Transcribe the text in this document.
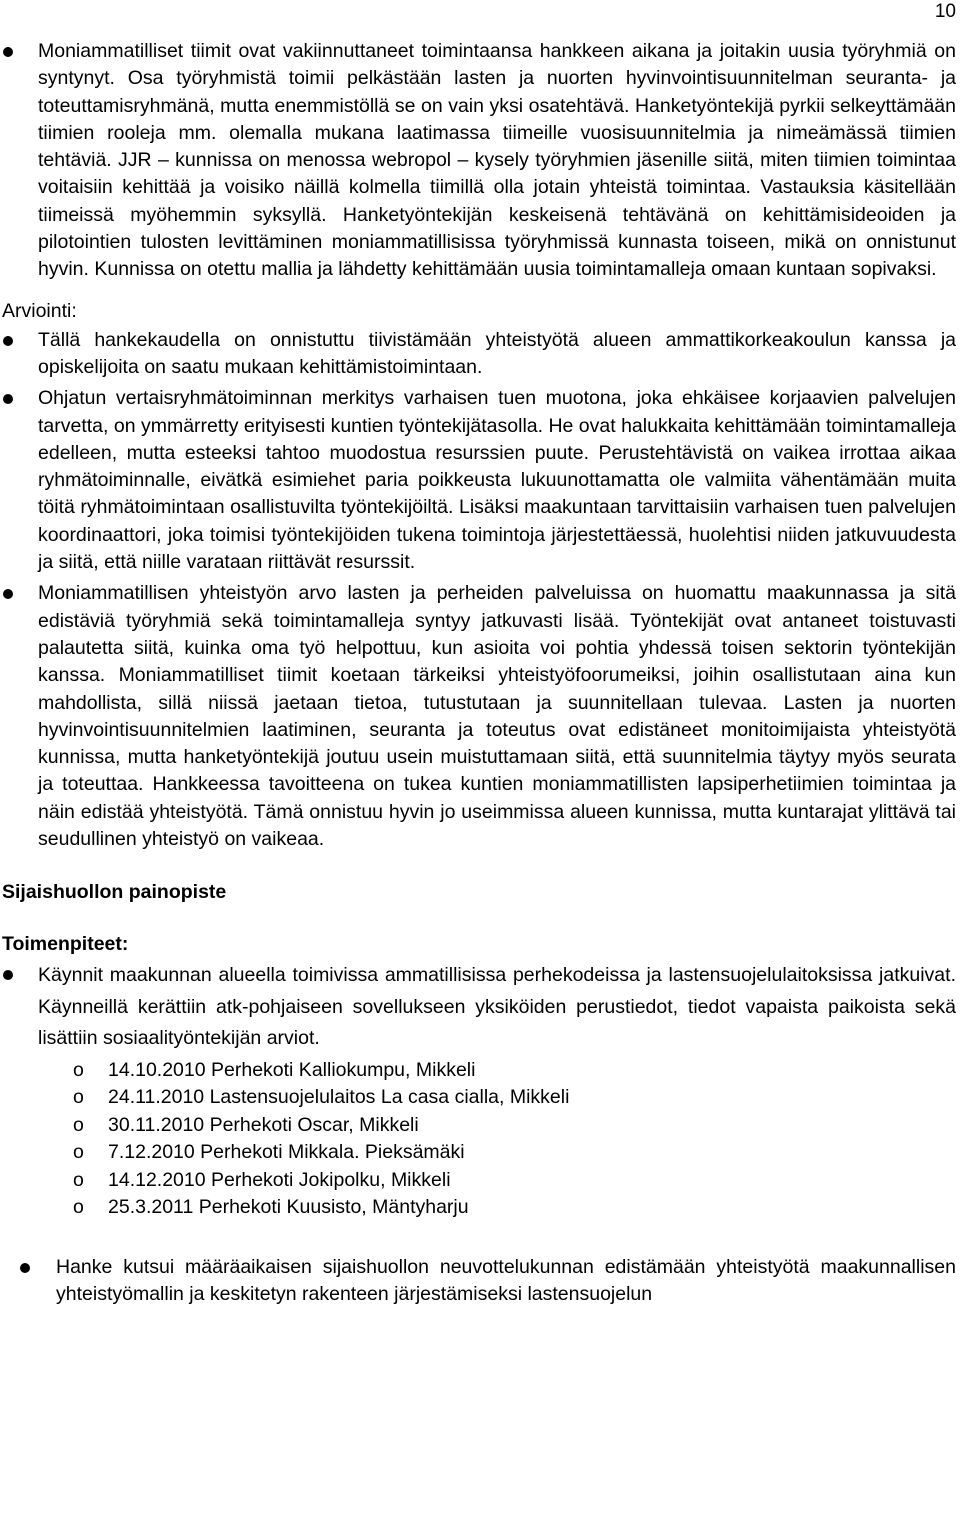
10
Moniammatilliset tiimit ovat vakiinnuttaneet toimintaansa hankkeen aikana ja joitakin uusia työryhmiä on syntynyt. Osa työryhmistä toimii pelkästään lasten ja nuorten hyvinvointisuunnitelman seuranta- ja toteuttamisryhmänä, mutta enemmistöllä se on vain yksi osatehtävä. Hanketyöntekijä pyrkii selkeyttämään tiimien rooleja mm. olemalla mukana laatimassa tiimeille vuosisuunnitelmia ja nimeämässä tiimien tehtäviä. JJR – kunnissa on menossa webropol – kysely työryhmien jäsenille siitä, miten tiimien toimintaa voitaisiin kehittää ja voisiko näillä kolmella tiimillä olla jotain yhteistä toimintaa. Vastauksia käsitellään tiimeissä myöhemmin syksyllä. Hanketyöntekijän keskeisenä tehtävänä on kehittämisideoiden ja pilotointien tulosten levittäminen moniammatillisissa työryhmissä kunnasta toiseen, mikä on onnistunut hyvin. Kunnissa on otettu mallia ja lähdetty kehittämään uusia toimintamalleja omaan kuntaan sopivaksi.
Arviointi:
Tällä hankekaudella on onnistuttu tiivistämään yhteistyötä alueen ammattikorkeakoulun kanssa ja opiskelijoita on saatu mukaan kehittämistoimintaan.
Ohjatun vertaisryhmätoiminnan merkitys varhaisen tuen muotona, joka ehkäisee korjaavien palvelujen tarvetta, on ymmärretty erityisesti kuntien työntekijätasolla. He ovat halukkaita kehittämään toimintamalleja edelleen, mutta esteeksi tahtoo muodostua resurssien puute. Perustehtävistä on vaikea irrottaa aikaa ryhmätoiminnalle, eivätkä esimiehet paria poikkeusta lukuunottamatta ole valmiita vähentämään muita töitä ryhmätoimintaan osallistuvilta työntekijöiltä. Lisäksi maakuntaan tarvittaisiin varhaisen tuen palvelujen koordinaattori, joka toimisi työntekijöiden tukena toimintoja järjestettäessä, huolehtisi niiden jatkuvuudesta ja siitä, että niille varataan riittävät resurssit.
Moniammatillisen yhteistyön arvo lasten ja perheiden palveluissa on huomattu maakunnassa ja sitä edistäviä työryhmiä sekä toimintamalleja syntyy jatkuvasti lisää. Työntekijät ovat antaneet toistuvasti palautetta siitä, kuinka oma työ helpottuu, kun asioita voi pohtia yhdessä toisen sektorin työntekijän kanssa. Moniammatilliset tiimit koetaan tärkeiksi yhteistyöfoorumeiksi, joihin osallistutaan aina kun mahdollista, sillä niissä jaetaan tietoa, tutustutaan ja suunnitellaan tulevaa. Lasten ja nuorten hyvinvointisuunnitelmien laatiminen, seuranta ja toteutus ovat edistäneet monitoimijaista yhteistyötä kunnissa, mutta hanketyöntekijä joutuu usein muistuttamaan siitä, että suunnitelmia täytyy myös seurata ja toteuttaa. Hankkeessa tavoitteena on tukea kuntien moniammatillisten lapsiperhetiimien toimintaa ja näin edistää yhteistyötä. Tämä onnistuu hyvin jo useimmissa alueen kunnissa, mutta kuntarajat ylittävä tai seudullinen yhteistyö on vaikeaa.
Sijaishuollon painopiste
Toimenpiteet:
Käynnit maakunnan alueella toimivissa ammatillisissa perhekodeissa ja lastensuojelulaitoksissa jatkuivat. Käynneillä kerättiin atk-pohjaiseen sovellukseen yksiköiden perustiedot, tiedot vapaista paikoista sekä lisättiin sosiaalityöntekijän arviot.
o 14.10.2010 Perhekoti Kalliokumpu, Mikkeli
o 24.11.2010 Lastensuojelulaitos La casa cialla, Mikkeli
o 30.11.2010 Perhekoti Oscar, Mikkeli
o 7.12.2010 Perhekoti Mikkala. Pieksämäki
o 14.12.2010 Perhekoti Jokipolku, Mikkeli
o 25.3.2011 Perhekoti Kuusisto, Mäntyharju
Hanke kutsui määräaikaisen sijaishuollon neuvottelukunnan edistämään yhteistyötä maakunnallisen yhteistyömallin ja keskitetyn rakenteen järjestämiseksi lastensuojelun
